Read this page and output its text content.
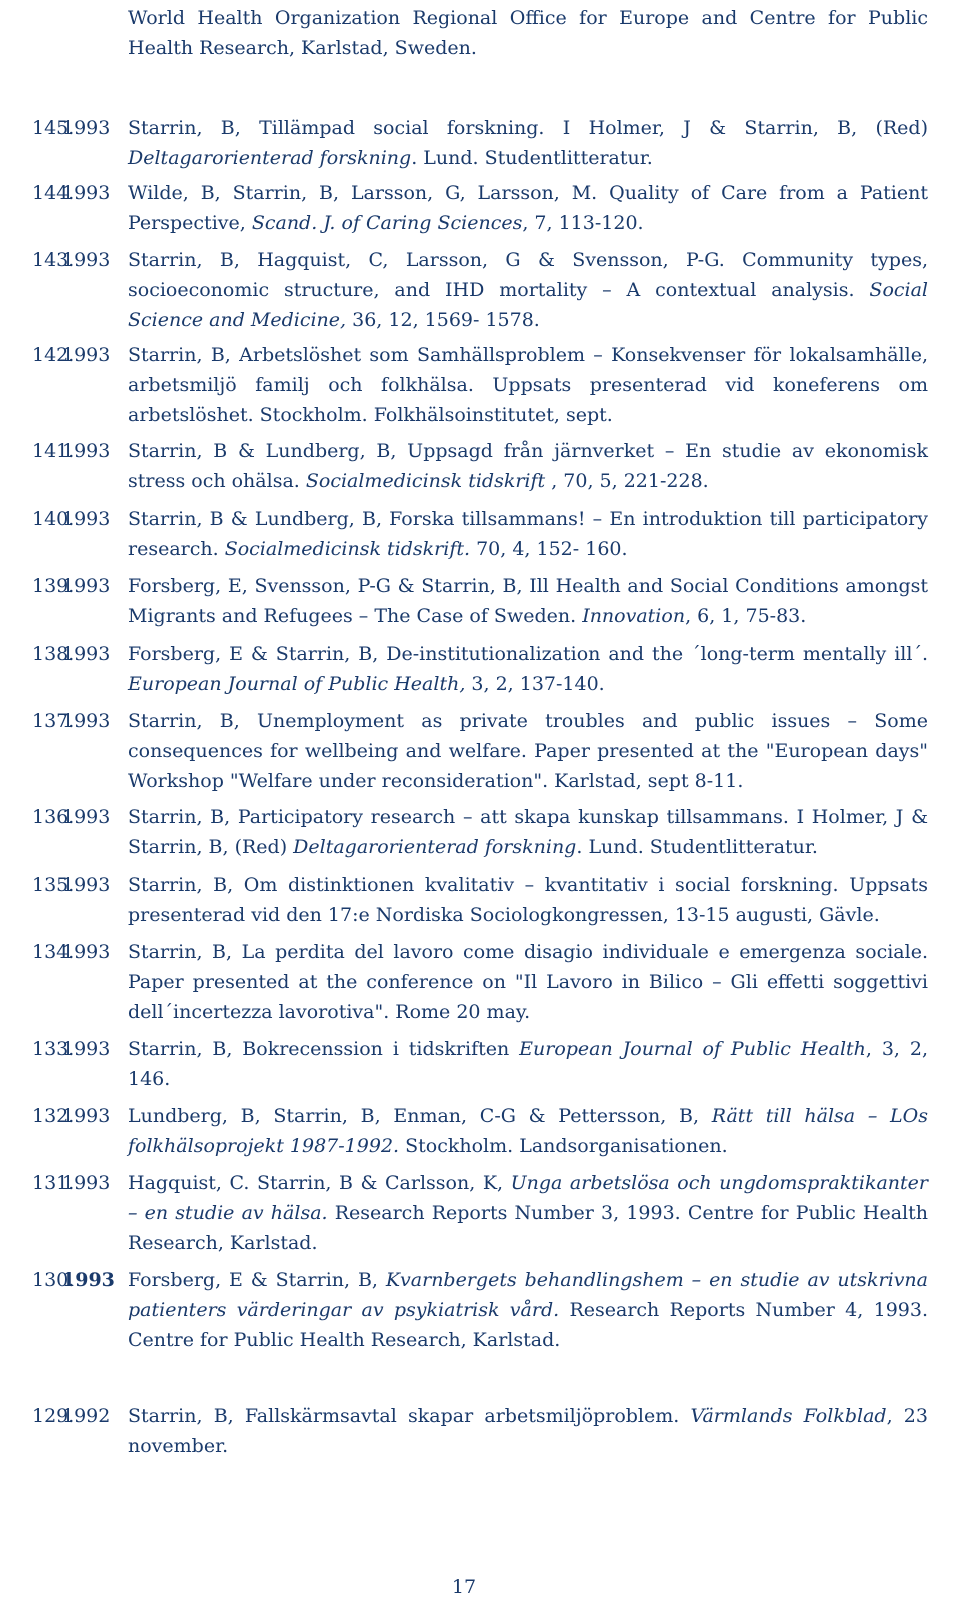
World Health Organization Regional Office for Europe and Centre for Public Health Research, Karlstad, Sweden.
145.
1993 Starrin, B, Tillämpad social forskning. I Holmer, J & Starrin, B, (Red) Deltagarorienterad forskning. Lund. Studentlitteratur.
144.
1993 Wilde, B, Starrin, B, Larsson, G, Larsson, M. Quality of Care from a Patient Perspective, Scand. J. of Caring Sciences, 7, 113-120.
143.
1993 Starrin, B, Hagquist, C, Larsson, G & Svensson, P-G. Community types, socioeconomic structure, and IHD mortality – A contextual analysis. Social Science and Medicine, 36, 12, 1569- 1578.
142.
1993 Starrin, B, Arbetslöshet som Samhällsproblem – Konsekvenser för lokalsamhälle, arbetsmiljö familj och folkhälsa. Uppsats presenterad vid koneferens om arbetslöshet. Stockholm. Folkhälsoinstitutet, sept.
141.
1993 Starrin, B & Lundberg, B, Uppsagd från järnverket – En studie av ekonomisk stress och ohälsa. Socialmedicinsk tidskrift , 70, 5, 221-228.
140.
1993 Starrin, B & Lundberg, B, Forska tillsammans! – En introduktion till participatory research. Socialmedicinsk tidskrift. 70, 4, 152- 160.
139.
1993 Forsberg, E, Svensson, P-G & Starrin, B, Ill Health and Social Conditions amongst Migrants and Refugees – The Case of Sweden. Innovation, 6, 1, 75-83.
138.
1993 Forsberg, E & Starrin, B, De-institutionalization and the ´long-term mentally ill´. European Journal of Public Health, 3, 2, 137-140.
137.
1993 Starrin, B, Unemployment as private troubles and public issues – Some consequences for wellbeing and welfare. Paper presented at the "European days" Workshop "Welfare under reconsideration". Karlstad, sept 8-11.
136.
1993 Starrin, B, Participatory research – att skapa kunskap tillsammans. I Holmer, J & Starrin, B, (Red) Deltagarorienterad forskning. Lund. Studentlitteratur.
135.
1993 Starrin, B, Om distinktionen kvalitativ – kvantitativ i social forskning. Uppsats presenterad vid den 17:e Nordiska Sociologkongressen, 13-15 augusti, Gävle.
134.
1993 Starrin, B, La perdita del lavoro come disagio individuale e emergenza sociale. Paper presented at the conference on "Il Lavoro in Bilico – Gli effetti soggettivi dell´incertezza lavorotiva". Rome 20 may.
133.
1993 Starrin, B, Bokrecenssion i tidskriften European Journal of Public Health, 3, 2, 146.
132.
1993 Lundberg, B, Starrin, B, Enman, C-G & Pettersson, B, Rätt till hälsa – LOs folkhälsoprojekt 1987-1992. Stockholm. Landsorganisationen.
131.
1993 Hagquist, C. Starrin, B & Carlsson, K, Unga arbetslösa och ungdomspraktikanter – en studie av hälsa. Research Reports Number 3, 1993. Centre for Public Health Research, Karlstad.
130.
1993 Forsberg, E & Starrin, B, Kvarnbergets behandlingshem – en studie av utskrivna patienters värderingar av psykiatrisk vård. Research Reports Number 4, 1993. Centre for Public Health Research, Karlstad.
129.
1992 Starrin, B, Fallskärmsavtal skapar arbetsmiljöproblem. Värmlands Folkblad, 23 november.
17
